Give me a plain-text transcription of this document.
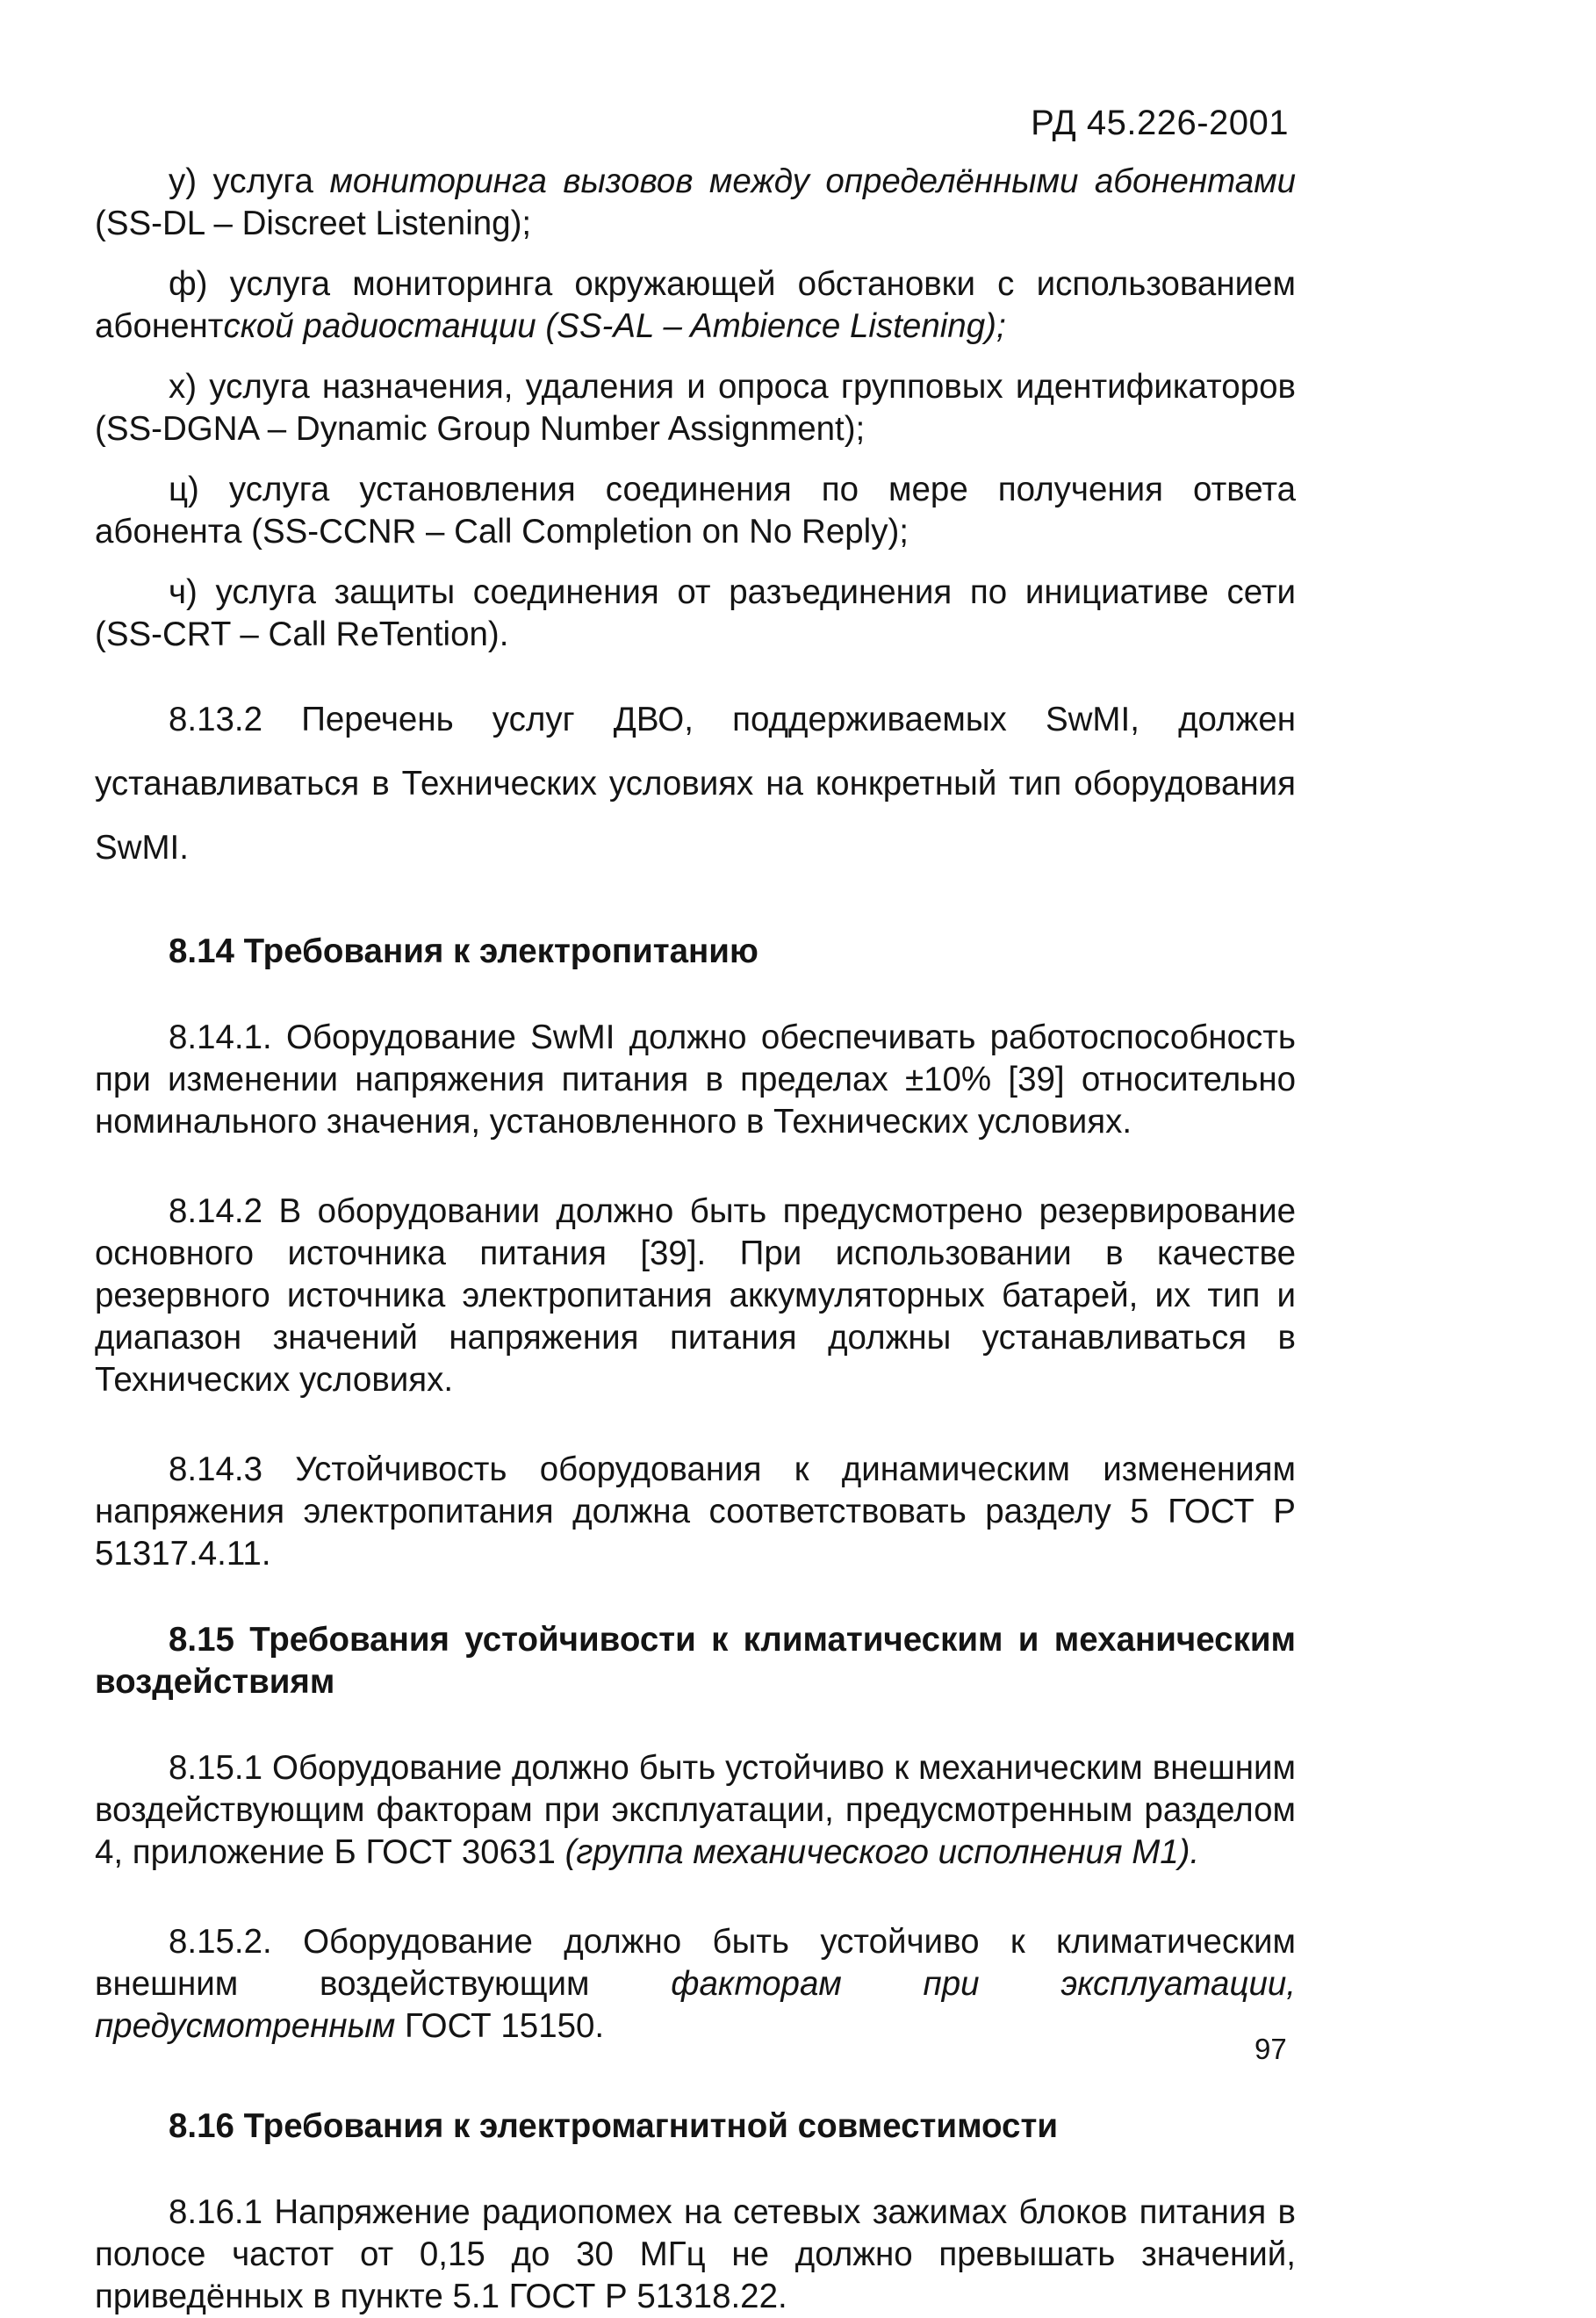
РД 45.226-2001

у) услуга мониторинга вызовов между определёнными абонентами (SS-DL – Discreet Listening);

ф) услуга мониторинга окружающей обстановки с использованием абонентской радиостанции (SS-AL – Ambience Listening);

х) услуга назначения, удаления и опроса групповых идентификаторов (SS-DGNA – Dynamic Group Number Assignment);

ц) услуга установления соединения по мере получения ответа абонента (SS-CCNR – Call Completion on No Reply);

ч) услуга защиты соединения от разъединения по инициативе сети (SS-CRT – Call ReTention).

8.13.2 Перечень услуг ДВО, поддерживаемых SwMI, должен устанавливаться в Технических условиях на конкретный тип оборудования SwMI.

8.14 Требования к электропитанию

8.14.1. Оборудование SwMI должно обеспечивать работоспособность при изменении напряжения питания в пределах ±10% [39] относительно номинального значения, установленного в Технических условиях.

8.14.2 В оборудовании должно быть предусмотрено резервирование основного источника питания [39]. При использовании в качестве резервного источника электропитания аккумуляторных батарей, их тип и диапазон значений напряжения питания должны устанавливаться в Технических условиях.

8.14.3 Устойчивость оборудования к динамическим изменениям напряжения электропитания должна соответствовать разделу 5 ГОСТ Р 51317.4.11.

8.15 Требования устойчивости к климатическим и механическим воздействиям

8.15.1 Оборудование должно быть устойчиво к механическим внешним воздействующим факторам при эксплуатации, предусмотренным разделом 4, приложение Б ГОСТ 30631 (группа механического исполнения М1).

8.15.2. Оборудование должно быть устойчиво к климатическим внешним воздействующим факторам при эксплуатации, предусмотренным ГОСТ 15150.

8.16 Требования к электромагнитной совместимости

8.16.1 Напряжение радиопомех на сетевых зажимах блоков питания в полосе частот от 0,15 до 30 МГц не должно превышать значений, приведённых в пункте 5.1 ГОСТ Р 51318.22.

97
